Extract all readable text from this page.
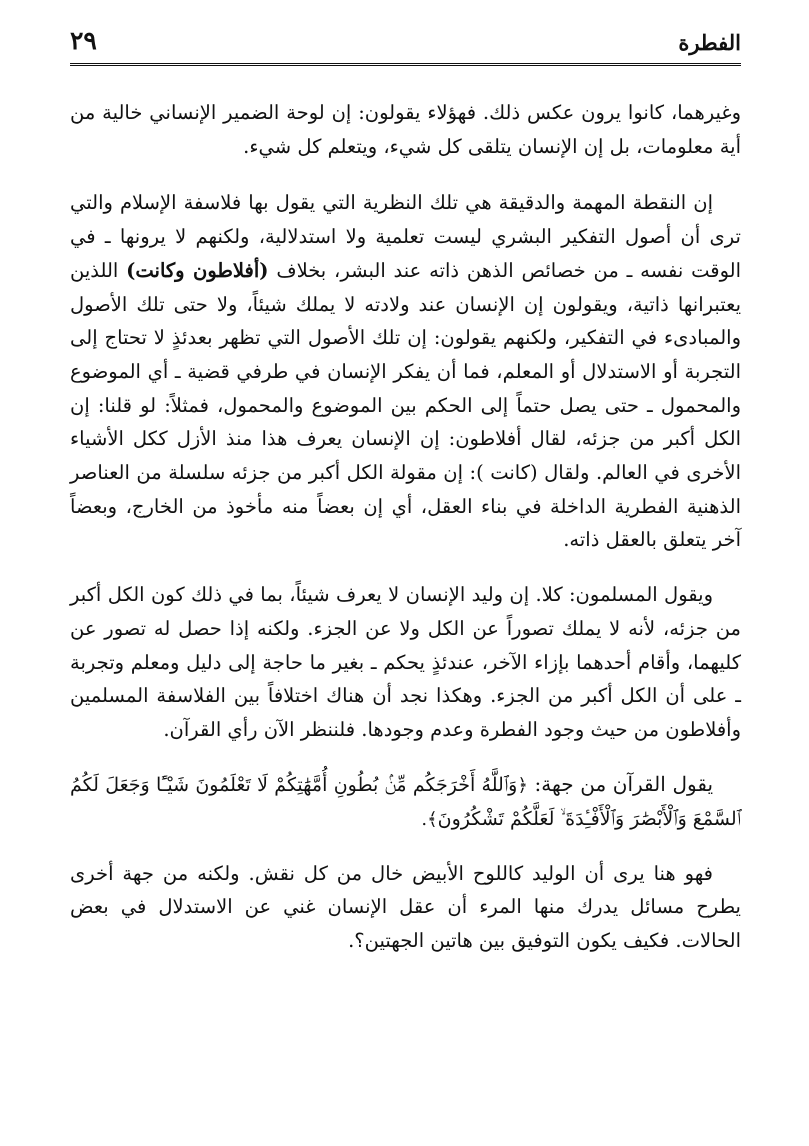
الفطرة
٢٩

وغيرهما، كانوا يرون عكس ذلك. فهؤلاء يقولون: إن لوحة الضمير الإنساني خالية من أية معلومات، بل إن الإنسان يتلقى كل شيء، ويتعلم كل شيء.

إن النقطة المهمة والدقيقة هي تلك النظرية التي يقول بها فلاسفة الإسلام والتي ترى أن أصول التفكير البشري ليست تعلمية ولا استدلالية، ولكنهم لا يرونها ـ في الوقت نفسه ـ من خصائص الذهن ذاته عند البشر، بخلاف (أفلاطون وكانت) اللذين يعتبرانها ذاتية، ويقولون إن الإنسان عند ولادته لا يملك شيئاً، ولا حتى تلك الأصول والمبادىء في التفكير، ولكنهم يقولون: إن تلك الأصول التي تظهر بعدئذٍ لا تحتاج إلى التجربة أو الاستدلال أو المعلم، فما أن يفكر الإنسان في طرفي قضية ـ أي الموضوع والمحمول ـ حتى يصل حتماً إلى الحكم بين الموضوع والمحمول، فمثلاً: لو قلنا: إن الكل أكبر من جزئه، لقال أفلاطون: إن الإنسان يعرف هذا منذ الأزل ككل الأشياء الأخرى في العالم. ولقال (كانت ): إن مقولة الكل أكبر من جزئه سلسلة من العناصر الذهنية الفطرية الداخلة في بناء العقل، أي إن بعضاً منه مأخوذ من الخارج، وبعضاً آخر يتعلق بالعقل ذاته.

ويقول المسلمون: كلا. إن وليد الإنسان لا يعرف شيئاً، بما في ذلك كون الكل أكبر من جزئه، لأنه لا يملك تصوراً عن الكل ولا عن الجزء. ولكنه إذا حصل له تصور عن كليهما، وأقام أحدهما بإزاء الآخر، عندئذٍ يحكم ـ بغير ما حاجة إلى دليل ومعلم وتجربة ـ على أن الكل أكبر من الجزء. وهكذا نجد أن هناك اختلافاً بين الفلاسفة المسلمين وأفلاطون من حيث وجود الفطرة وعدم وجودها. فلننظر الآن رأي القرآن.

يقول القرآن من جهة: ﴿وَٱللَّهُ أَخْرَجَكُم مِّنۢ بُطُونِ أُمَّهَٰتِكُمْ لَا تَعْلَمُونَ شَيْـًٔا وَجَعَلَ لَكُمُ ٱلسَّمْعَ وَٱلْأَبْصَٰرَ وَٱلْأَفْـِٔدَةَ ۙ لَعَلَّكُمْ تَشْكُرُونَ﴾.

فهو هنا يرى أن الوليد كاللوح الأبيض خال من كل نقش. ولكنه من جهة أخرى يطرح مسائل يدرك منها المرء أن عقل الإنسان غني عن الاستدلال في بعض الحالات. فكيف يكون التوفيق بين هاتين الجهتين؟.
